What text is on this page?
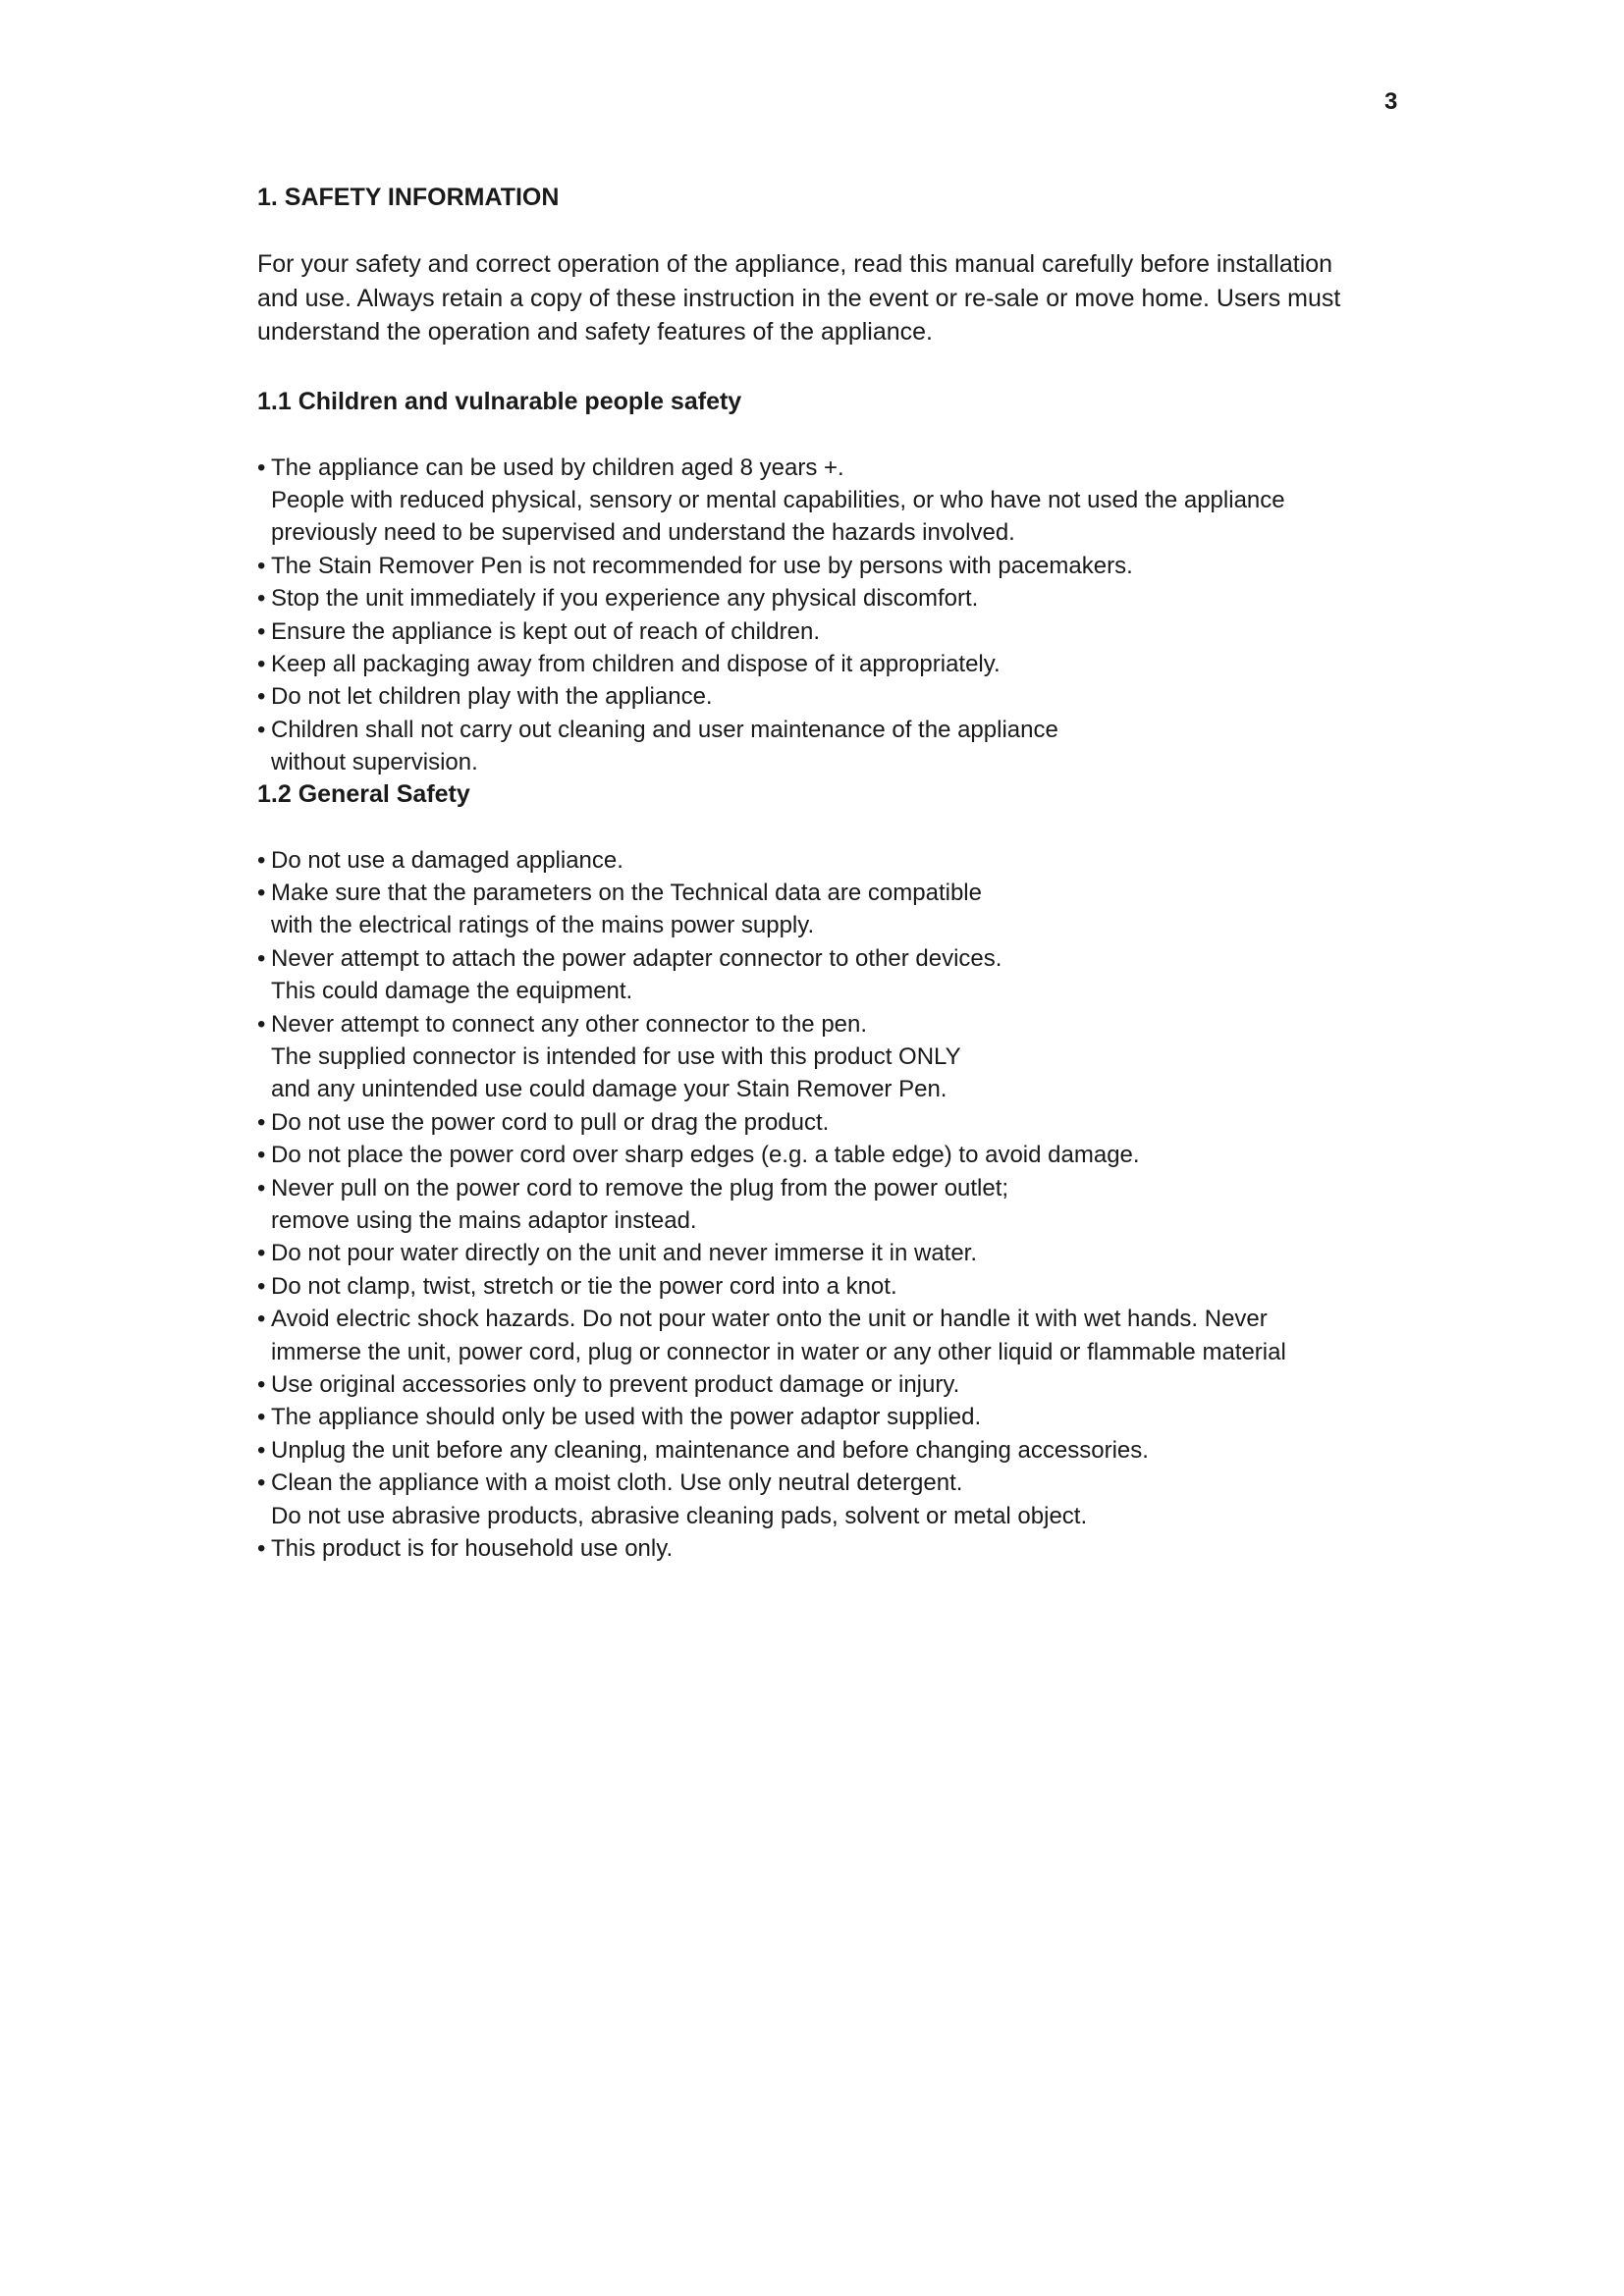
3
1. SAFETY INFORMATION

For your safety and correct operation of the appliance, read this manual carefully before installation

and use. Always retain a copy of these instruction in the event or re-sale or move home. Users must

understand the operation and safety features of the appliance.

1.1 Children and vulnarable people safety
• The appliance can be used by children aged 8 years +.
People with reduced physical, sensory or mental capabilities, or who have not used the appliance
previously need to be supervised and understand the hazards involved.
• The Stain Remover Pen is not recommended for use by persons with pacemakers.
• Stop the unit immediately if you experience any physical discomfort.
• Ensure the appliance is kept out of reach of children.
• Keep all packaging away from children and dispose of it appropriately.
• Do not let children play with the appliance.
• Children shall not carry out cleaning and user maintenance of the appliance
without supervision.
1.2 General Safety
• Do not use a damaged appliance.
• Make sure that the parameters on the Technical data are compatible
with the electrical ratings of the mains power supply.
• Never attempt to attach the power adapter connector to other devices.
This could damage the equipment.
• Never attempt to connect any other connector to the pen.
The supplied connector is intended for use with this product ONLY
and any unintended use could damage your Stain Remover Pen.
• Do not use the power cord to pull or drag the product.
• Do not place the power cord over sharp edges (e.g. a table edge) to avoid damage.
• Never pull on the power cord to remove the plug from the power outlet;
remove using the mains adaptor instead.
• Do not pour water directly on the unit and never immerse it in water.
• Do not clamp, twist, stretch or tie the power cord into a knot.
• Avoid electric shock hazards. Do not pour water onto the unit or handle it with wet hands. Never
immerse the unit, power cord, plug or connector in water or any other liquid or flammable material
• Use original accessories only to prevent product damage or injury.
• The appliance should only be used with the power adaptor supplied.
• Unplug the unit before any cleaning, maintenance and before changing accessories.
• Clean the appliance with a moist cloth. Use only neutral detergent.
Do not use abrasive products, abrasive cleaning pads, solvent or metal object.
• This product is for household use only.
